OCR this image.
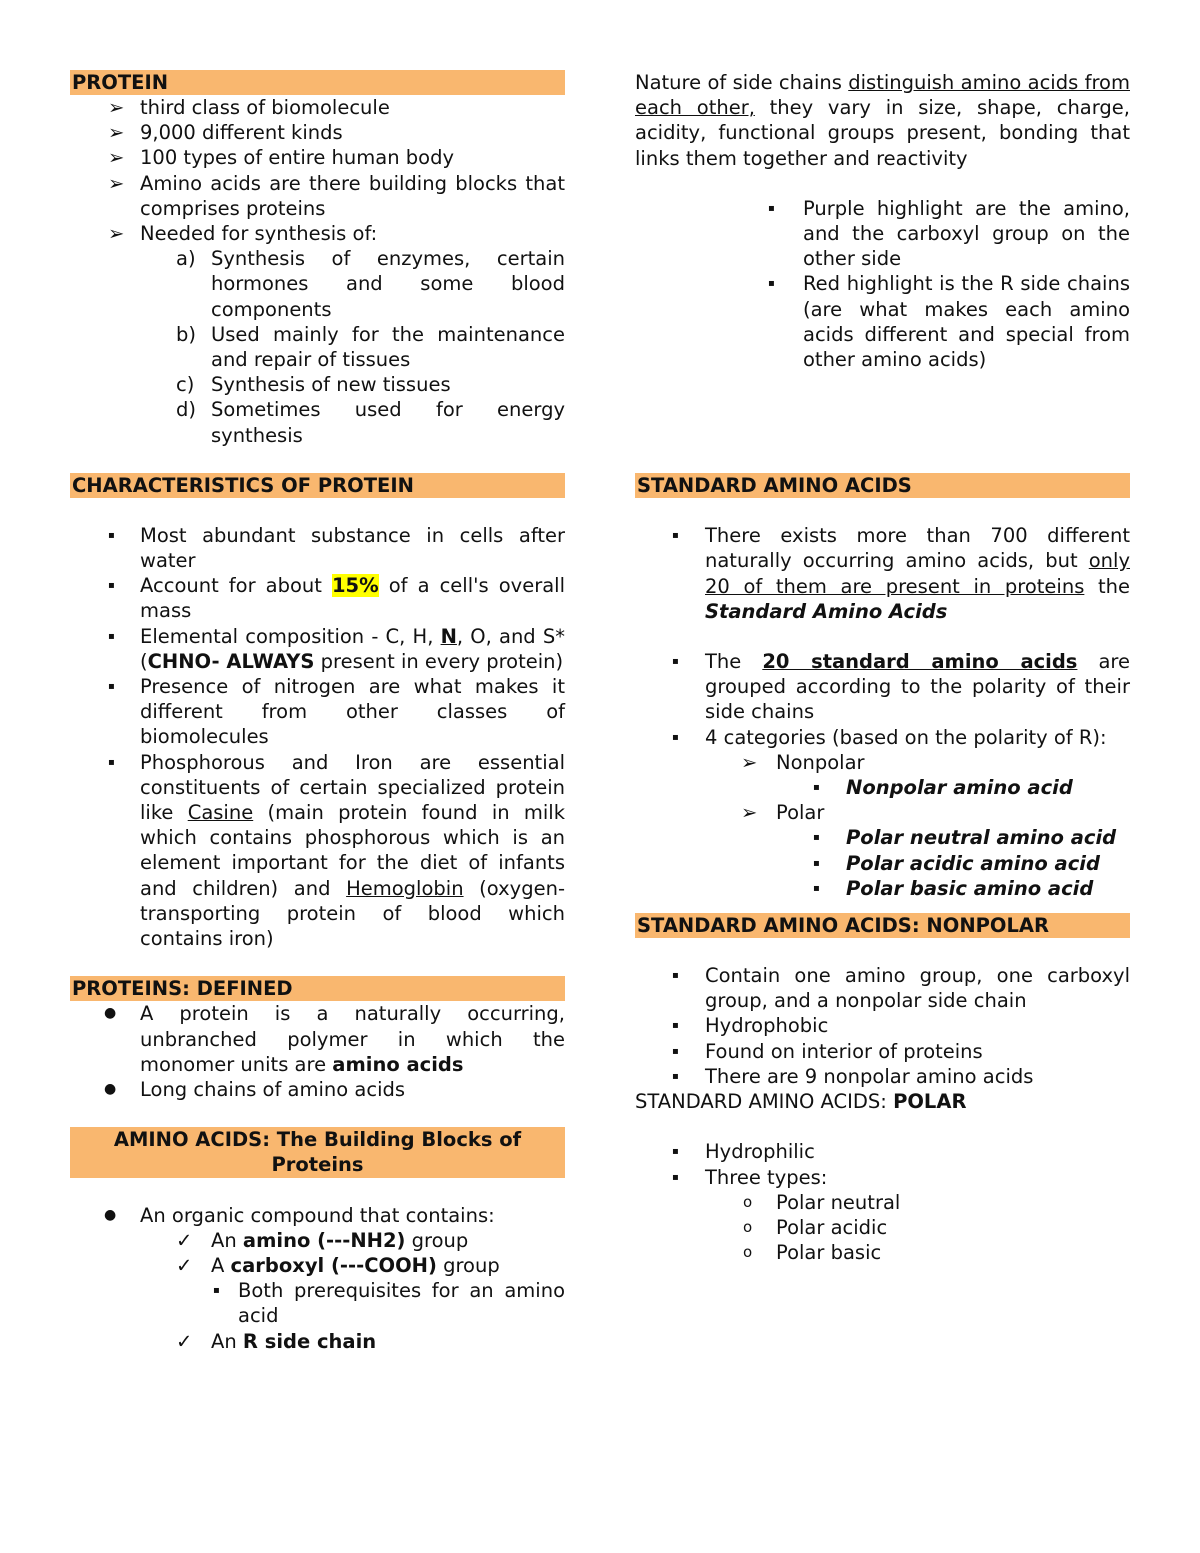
PROTEIN
➢ third class of biomolecule
➢ 9,000 different kinds
➢ 100 types of entire human body
➢ Amino acids are there building blocks that comprises proteins
➢ Needed for synthesis of:
a) Synthesis of enzymes, certain hormones and some blood components
b) Used mainly for the maintenance and repair of tissues
c) Synthesis of new tissues
d) Sometimes used for energy synthesis
CHARACTERISTICS OF PROTEIN
▪	Most abundant substance in cells after water
▪	Account for about 15% of a cell's overall mass
▪	Elemental composition - C, H, N, O, and S* (CHNO- ALWAYS present in every protein)
▪	Presence of nitrogen are what makes it different from other classes of biomolecules
▪	Phosphorous and Iron are essential constituents of certain specialized protein like Casine (main protein found in milk which contains phosphorous which is an element important for the diet of infants and children) and Hemoglobin (oxygen-transporting protein of blood which contains iron)
PROTEINS: DEFINED
●	A protein is a naturally occurring, unbranched polymer in which the monomer units are amino acids
●	Long chains of amino acids
AMINO ACIDS: The Building Blocks of Proteins
●	An organic compound that contains:
✓ An amino (---NH2) group
✓ A carboxyl (---COOH) group
▪ Both prerequisites for an amino acid
✓ An R side chain
Nature of side chains distinguish amino acids from each other, they vary in size, shape, charge, acidity, functional groups present, bonding that links them together and reactivity
▪	Purple highlight are the amino, and the carboxyl group on the other side
▪	Red highlight is the R side chains (are what makes each amino acids different and special from other amino acids)
STANDARD AMINO ACIDS
▪	There exists more than 700 different naturally occurring amino acids, but only 20 of them are present in proteins the Standard Amino Acids
▪	The 20 standard amino acids are grouped according to the polarity of their side chains
▪	4 categories (based on the polarity of R):
➢ Nonpolar
▪	Nonpolar amino acid
➢ Polar
▪	Polar neutral amino acid
▪	Polar acidic amino acid
▪	Polar basic amino acid
STANDARD AMINO ACIDS: NONPOLAR
▪	Contain one amino group, one carboxyl group, and a nonpolar side chain
▪	Hydrophobic
▪	Found on interior of proteins
▪	There are 9 nonpolar amino acids
STANDARD AMINO ACIDS: POLAR
▪	Hydrophilic
▪	Three types:
o	Polar neutral
o	Polar acidic
o	Polar basic
